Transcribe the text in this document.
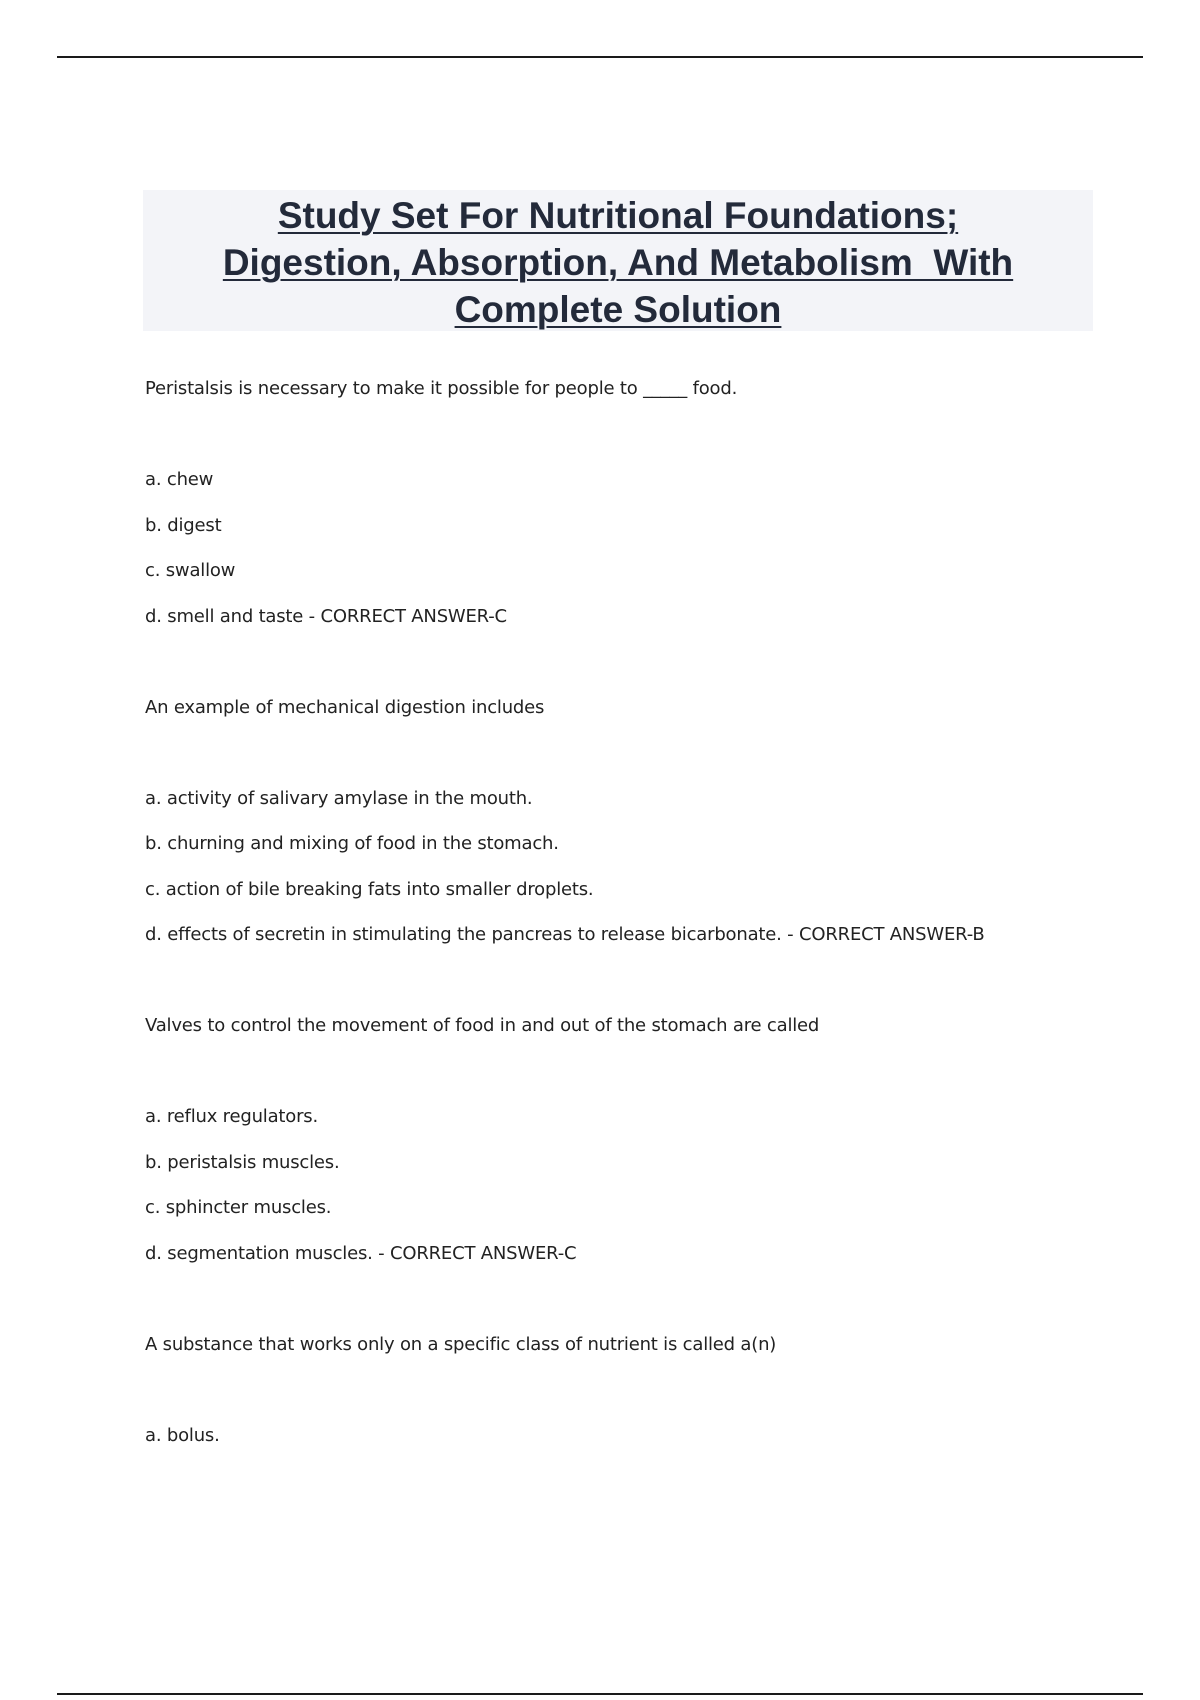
Study Set For Nutritional Foundations;
Digestion, Absorption, And Metabolism  With
Complete Solution
Peristalsis is necessary to make it possible for people to _____ food.
a. chew
b. digest
c. swallow
d. smell and taste - CORRECT ANSWER-C
An example of mechanical digestion includes
a. activity of salivary amylase in the mouth.
b. churning and mixing of food in the stomach.
c. action of bile breaking fats into smaller droplets.
d. effects of secretin in stimulating the pancreas to release bicarbonate. - CORRECT ANSWER-B
Valves to control the movement of food in and out of the stomach are called
a. reflux regulators.
b. peristalsis muscles.
c. sphincter muscles.
d. segmentation muscles. - CORRECT ANSWER-C
A substance that works only on a specific class of nutrient is called a(n)
a. bolus.
